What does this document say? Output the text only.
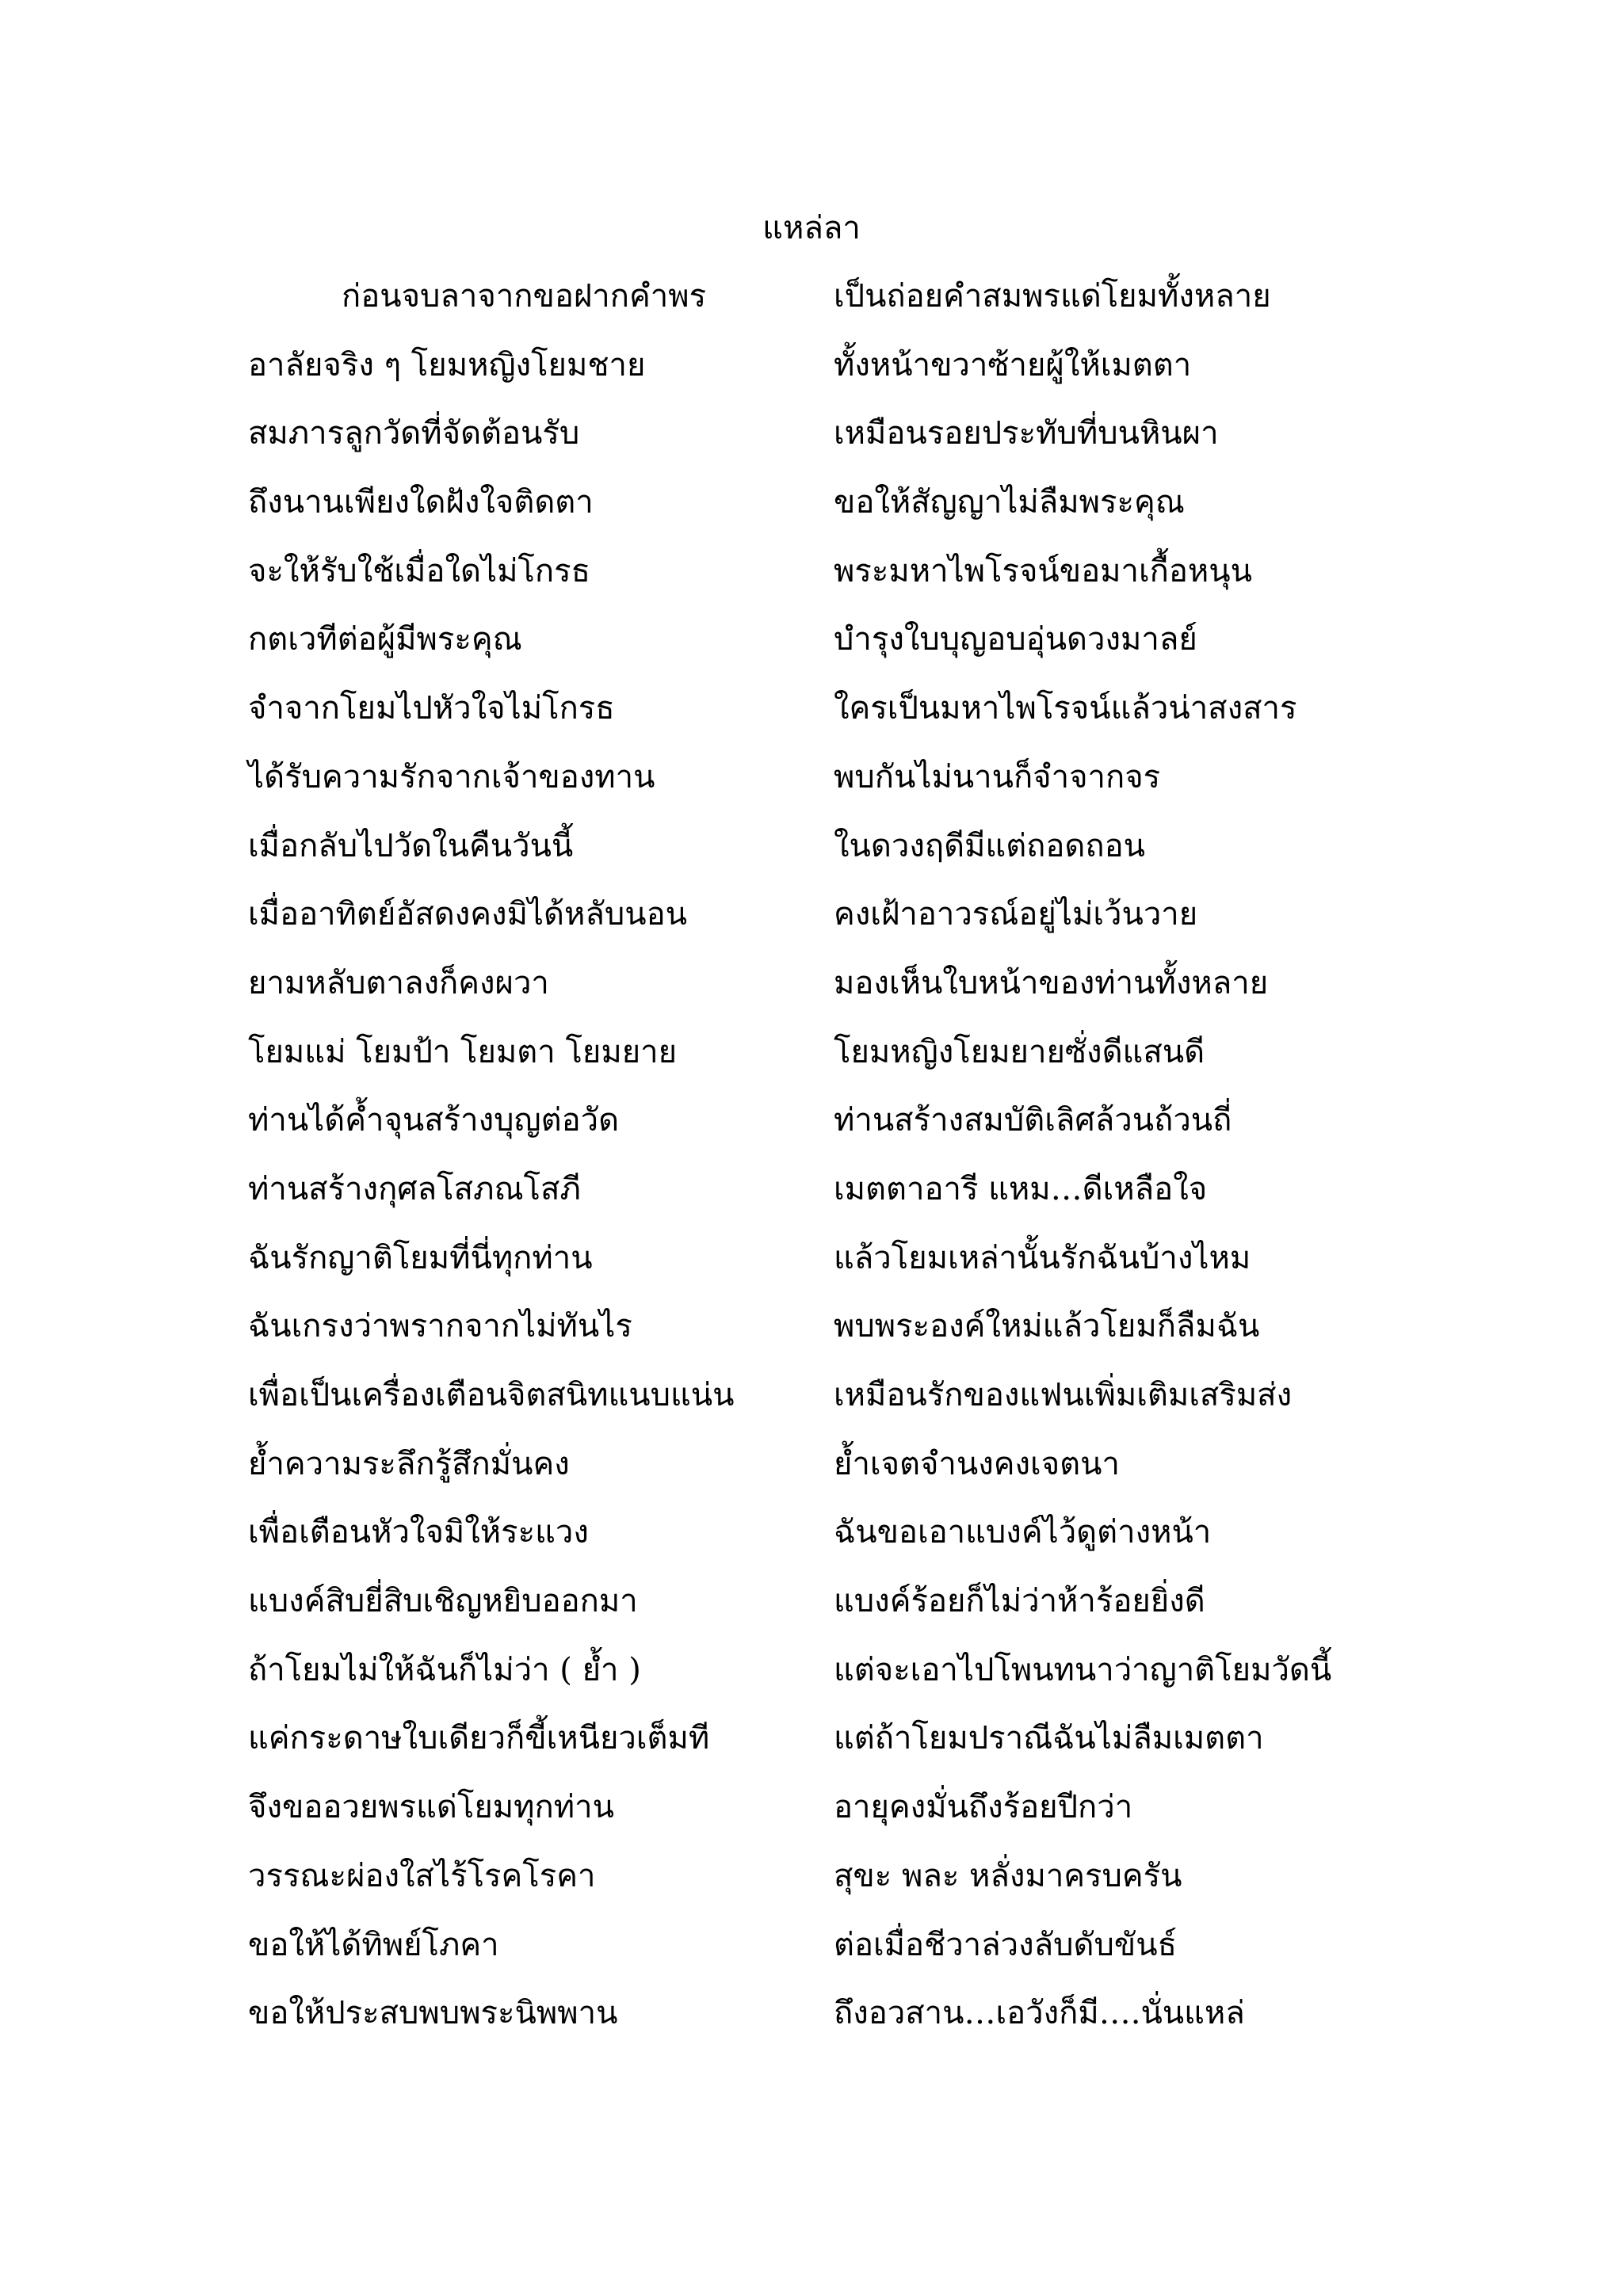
แหล่ลา
ก่อนจบลาจากขอฝากคำพร	เป็นถ่อยคำสมพรแด่โยมทั้งหลาย
อาลัยจริง ๆ โยมหญิงโยมชาย	ทั้งหน้าขวาซ้ายผู้ให้เมตตา
สมภารลูกวัดที่จัดต้อนรับ	เหมือนรอยประทับที่บนหินผา
ถึงนานเพียงใดฝังใจติดตา	ขอให้สัญญาไม่ลืมพระคุณ
จะให้รับใช้เมื่อใดไม่โกรธ	พระมหาไพโรจน์ขอมาเกื้อหนุน
กตเวทีต่อผู้มีพระคุณ	บำรุงใบบุญอบอุ่นดวงมาลย์
จำจากโยมไปหัวใจไม่โกรธ	ใครเป็นมหาไพโรจน์แล้วน่าสงสาร
ได้รับความรักจากเจ้าของทาน	พบกันไม่นานก็จำจากจร
เมื่อกลับไปวัดในคืนวันนี้	ในดวงฤดีมีแต่ถอดถอน
เมื่ออาทิตย์อัสดงคงมิได้หลับนอน	คงเฝ้าอาวรณ์อยู่ไม่เว้นวาย
ยามหลับตาลงก็คงผวา	มองเห็นใบหน้าของท่านทั้งหลาย
โยมแม่ โยมป้า โยมตา โยมยาย	โยมหญิงโยมยายซั่งดีแสนดี
ท่านได้ค้ำจุนสร้างบุญต่อวัด	ท่านสร้างสมบัติเลิศล้วนถ้วนถี่
ท่านสร้างกุศลโสภณโสภี	เมตตาอารี แหม…ดีเหลือใจ
ฉันรักญาติโยมที่นี่ทุกท่าน	แล้วโยมเหล่านั้นรักฉันบ้างไหม
ฉันเกรงว่าพรากจากไม่ทันไร	พบพระองค์ใหม่แล้วโยมก็ลืมฉัน
เพื่อเป็นเครื่องเตือนจิตสนิทแนบแน่น	เหมือนรักของแฟนเพิ่มเติมเสริมส่ง
ย้ำความระลึกรู้สึกมั่นคง	ย้ำเจตจำนงคงเจตนา
เพื่อเตือนหัวใจมิให้ระแวง	ฉันขอเอาแบงค์ไว้ดูต่างหน้า
แบงค์สิบยี่สิบเชิญหยิบออกมา	แบงค์ร้อยก็ไม่ว่าห้าร้อยยิ่งดี
ถ้าโยมไม่ให้ฉันก็ไม่ว่า ( ย้ำ )	แต่จะเอาไปโพนทนาว่าญาติโยมวัดนี้
แค่กระดาษใบเดียวก็ขี้เหนียวเต็มที	แต่ถ้าโยมปราณีฉันไม่ลืมเมตตา
จึงขออวยพรแด่โยมทุกท่าน	อายุคงมั่นถึงร้อยปีกว่า
วรรณะผ่องใสไร้โรคโรคา	สุขะ พละ หลั่งมาครบครัน
ขอให้ได้ทิพย์โภคา	ต่อเมื่อชีวาล่วงลับดับขันธ์
ขอให้ประสบพบพระนิพพาน	ถึงอวสาน…เอวังก็มี….นั่นแหล่
